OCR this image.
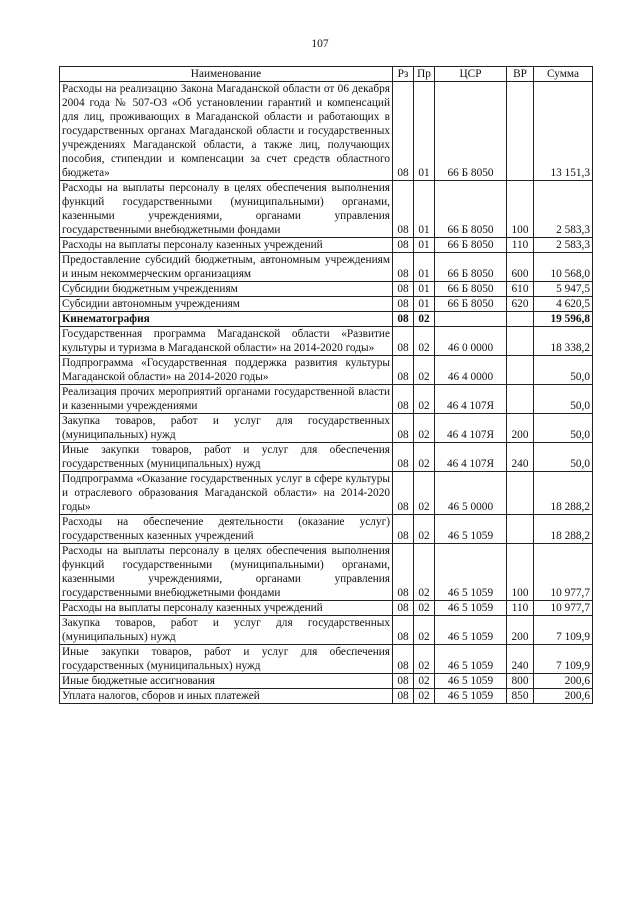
107
Наименование	Рз	Пр	ЦСР	ВР	Сумма
Расходы на реализацию Закона Магаданской области от 06 декабря 2004 года № 507-ОЗ «Об установлении гарантий и компенсаций для лиц, проживающих в Магаданской области и работающих в государственных органах Магаданской области и государственных учреждениях Магаданской области, а также лиц, получающих пособия, стипендии и компенсации за счет средств областного бюджета»	08	01	66 Б 8050		13 151,3
Расходы на выплаты персоналу в целях обеспечения выполнения функций государственными (муниципальными) органами, казенными учреждениями, органами управления государственными внебюджетными фондами	08	01	66 Б 8050	100	2 583,3
Расходы на выплаты персоналу казенных учреждений	08	01	66 Б 8050	110	2 583,3
Предоставление субсидий бюджетным, автономным учреждениям и иным некоммерческим организациям	08	01	66 Б 8050	600	10 568,0
Субсидии бюджетным учреждениям	08	01	66 Б 8050	610	5 947,5
Субсидии автономным учреждениям	08	01	66 Б 8050	620	4 620,5
Кинематография	08	02			19 596,8
Государственная программа Магаданской области «Развитие культуры и туризма в Магаданской области» на 2014-2020 годы»	08	02	46 0 0000		18 338,2
Подпрограмма «Государственная поддержка развития культуры Магаданской области» на 2014-2020 годы»	08	02	46 4 0000		50,0
Реализация прочих мероприятий органами государственной власти и казенными учреждениями	08	02	46 4 107Я		50,0
Закупка товаров, работ и услуг для государственных (муниципальных) нужд	08	02	46 4 107Я	200	50,0
Иные закупки товаров, работ и услуг для обеспечения государственных (муниципальных) нужд	08	02	46 4 107Я	240	50,0
Подпрограмма «Оказание государственных услуг в сфере культуры и отраслевого образования Магаданской области» на 2014-2020 годы»	08	02	46 5 0000		18 288,2
Расходы на обеспечение деятельности (оказание услуг) государственных казенных учреждений	08	02	46 5 1059		18 288,2
Расходы на выплаты персоналу в целях обеспечения выполнения функций государственными (муниципальными) органами, казенными учреждениями, органами управления государственными внебюджетными фондами	08	02	46 5 1059	100	10 977,7
Расходы на выплаты персоналу казенных учреждений	08	02	46 5 1059	110	10 977,7
Закупка товаров, работ и услуг для государственных (муниципальных) нужд	08	02	46 5 1059	200	7 109,9
Иные закупки товаров, работ и услуг для обеспечения государственных (муниципальных) нужд	08	02	46 5 1059	240	7 109,9
Иные бюджетные ассигнования	08	02	46 5 1059	800	200,6
Уплата налогов, сборов и иных платежей	08	02	46 5 1059	850	200,6
